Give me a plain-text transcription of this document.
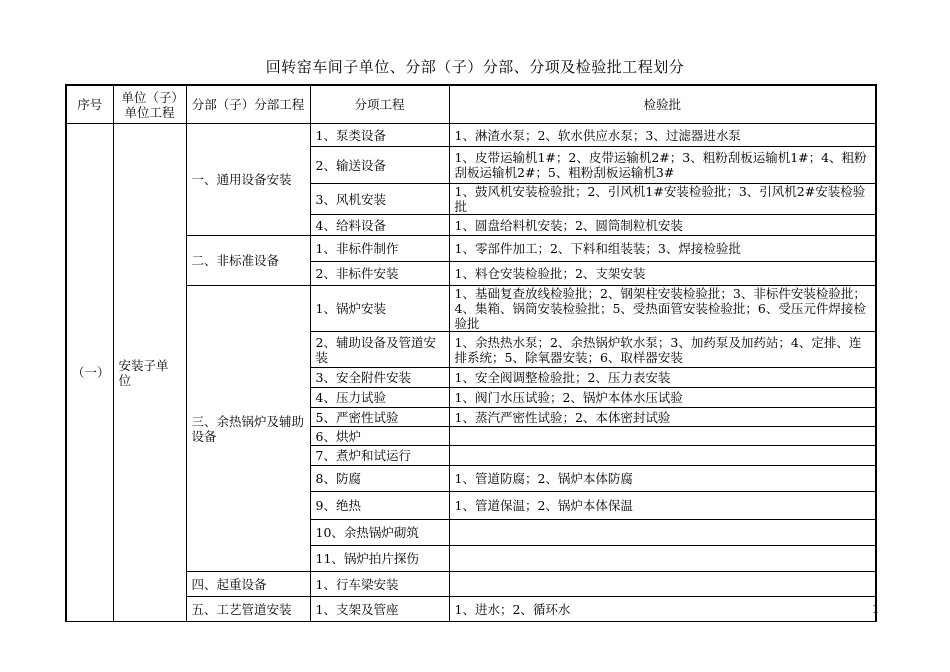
回转窑车间子单位、分部（子）分部、分项及检验批工程划分
序号	单位（子）单位工程	分部（子）分部工程	分项工程	检验批
（一）	安装子单位	一、通用设备安装	1、泵类设备	1、淋渣水泵；2、软水供应水泵；3、过滤器进水泵
			2、输送设备	1、皮带运输机1#；2、皮带运输机2#；3、粗粉刮板运输机1#；4、粗粉刮板运输机2#；5、粗粉刮板运输机3#
			3、风机安装	1、鼓风机安装检验批；2、引风机1#安装检验批；3、引风机2#安装检验批
			4、给料设备	1、圆盘给料机安装；2、圆筒制粒机安装
		二、非标准设备	1、非标件制作	1、零部件加工；2、下料和组装装；3、焊接检验批
			2、非标件安装	1、料仓安装检验批；2、支架安装
		三、余热锅炉及辅助设备	1、锅炉安装	1、基础复查放线检验批；2、钢架柱安装检验批；3、非标件安装检验批；4、集箱、锅筒安装检验批；5、受热面管安装检验批；6、受压元件焊接检验批
			2、辅助设备及管道安装	1、余热热水泵；2、余热锅炉软水泵；3、加药泵及加药站；4、定排、连排系统；5、除氧器安装；6、取样器安装
			3、安全附件安装	1、安全阀调整检验批；2、压力表安装
			4、压力试验	1、阀门水压试验；2、锅炉本体水压试验
			5、严密性试验	1、蒸汽严密性试验；2、本体密封试验
			6、烘炉	
			7、煮炉和试运行	
			8、防腐	1、管道防腐；2、锅炉本体防腐
			9、绝热	1、管道保温；2、锅炉本体保温
			10、余热锅炉砌筑	
			11、锅炉拍片探伤	
		四、起重设备	1、行车梁安装	
		五、工艺管道安装	1、支架及管座	1、进水；2、循环水	1
